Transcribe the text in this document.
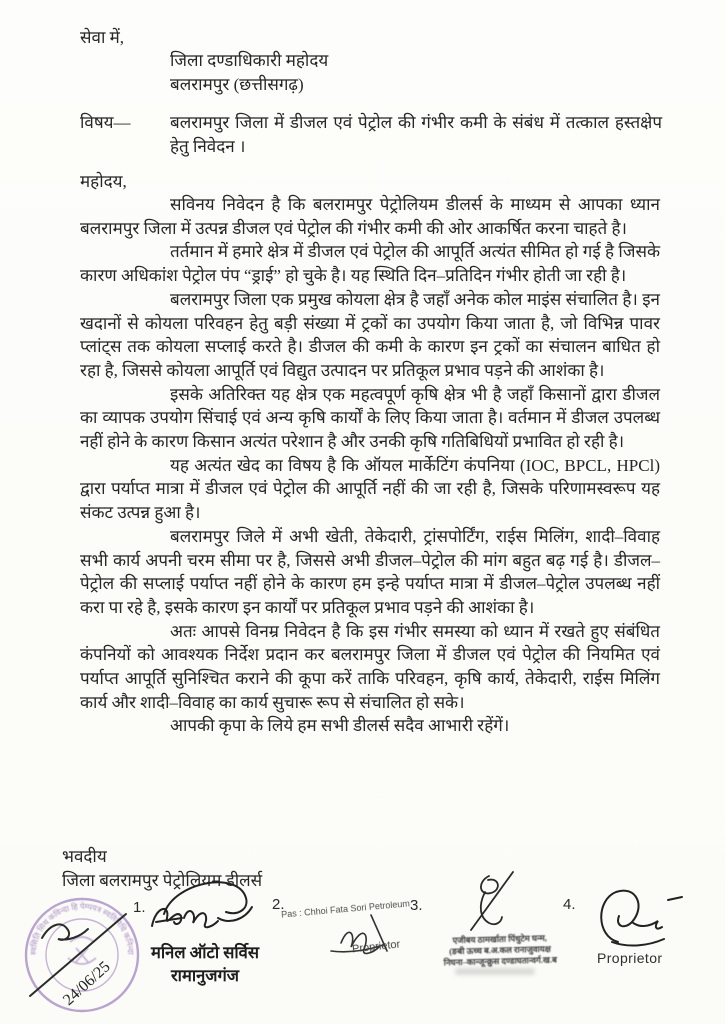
सेवा में,
जिला दण्डाधिकारी महोदय
बलरामपुर (छत्तीसगढ़)
विषय— बलरामपुर जिला में डीजल एवं पेट्रोल की गंभीर कमी के संबंध में तत्काल हस्तक्षेप हेतु निवेदन ।
महोदय,

सविनय निवेदन है कि बलरामपुर पेट्रोलियम डीलर्स के माध्यम से आपका ध्यान बलरामपुर जिला में उत्पन्न डीजल एवं पेट्रोल की गंभीर कमी की ओर आकर्षित करना चाहते है।

तर्तमान में हमारे क्षेत्र में डीजल एवं पेट्रोल की आपूर्ति अत्यंत सीमित हो गई है जिसके कारण अधिकांश पेट्रोल पंप “ड्राई” हो चुके है। यह स्थिति दिन–प्रतिदिन गंभीर होती जा रही है।

बलरामपुर जिला एक प्रमुख कोयला क्षेत्र है जहाँ अनेक कोल माइंस संचालित है। इन खदानों से कोयला परिवहन हेतु बड़ी संख्या में ट्रकों का उपयोग किया जाता है, जो विभिन्न पावर प्लांट्स तक कोयला सप्लाई करते है। डीजल की कमी के कारण इन ट्रकों का संचालन बाधित हो रहा है, जिससे कोयला आपूर्ति एवं विद्युत उत्पादन पर प्रतिकूल प्रभाव पड़ने की आशंका है।

इसके अतिरिक्त यह क्षेत्र एक महत्वपूर्ण कृषि क्षेत्र भी है जहाँ किसानों द्वारा डीजल का व्यापक उपयोग सिंचाई एवं अन्य कृषि कार्यों के लिए किया जाता है। वर्तमान में डीजल उपलब्ध नहीं होने के कारण किसान अत्यंत परेशान है और उनकी कृषि गतिबिधियों प्रभावित हो रही है।

यह अत्यंत खेद का विषय है कि ऑयल मार्केटिंग कंपनिया (IOC, BPCL, HPCl) द्वारा पर्याप्त मात्रा में डीजल एवं पेट्रोल की आपूर्ति नहीं की जा रही है, जिसके परिणामस्वरूप यह संकट उत्पन्न हुआ है।

बलरामपुर जिले में अभी खेती, तेकेदारी, ट्रांसपोर्टिंग, राईस मिलिंग, शादी–विवाह सभी कार्य अपनी चरम सीमा पर है, जिससे अभी डीजल–पेट्रोल की मांग बहुत बढ़ गई है। डीजल–पेट्रोल की सप्लाई पर्याप्त नहीं होने के कारण हम इन्हे पर्याप्त मात्रा में डीजल–पेट्रोल उपलब्ध नहीं करा पा रहे है, इसके कारण इन कार्यों पर प्रतिकूल प्रभाव पड़ने की आशंका है।

अतः आपसे विनम्र निवेदन है कि इस गंभीर समस्या को ध्यान में रखते हुए संबंधित कंपनियों को आवश्यक निर्देश प्रदान कर बलरामपुर जिला में डीजल एवं पेट्रोल की नियमित एवं पर्याप्त आपूर्ति सुनिश्चित कराने की कूपा करें ताकि परिवहन, कृषि कार्य, तेकेदारी, राईस मिलिंग कार्य और शादी–विवाह का कार्य सुचारू रूप से संचालित हो सके।

आपकी कृपा के लिये हम सभी डीलर्स सदैव आभारी रहेंगें।

भवदीय
जिला बलरामपुर पेट्रोलियम डीलर्स
स्वसिति सिथ कविन्दा हि पेम्पयत्र स्वतिनिधि कनिन्दा
24/06/25
1.
मनिल ऑटो सर्विस
रामानुजगंज
2.
Pas : Chhoi Fata Sori Petroleum
Proprietor
3.
एजीबय ठामर्खाता पिंधुटेम घन्म,
(ङबी ऊच्च ब.अ.कल रानाजुवायक्ष
निघना–कान्जून्क्रुस दण्डाघतान्वर्ग.ख.ब
4.
Proprietor
